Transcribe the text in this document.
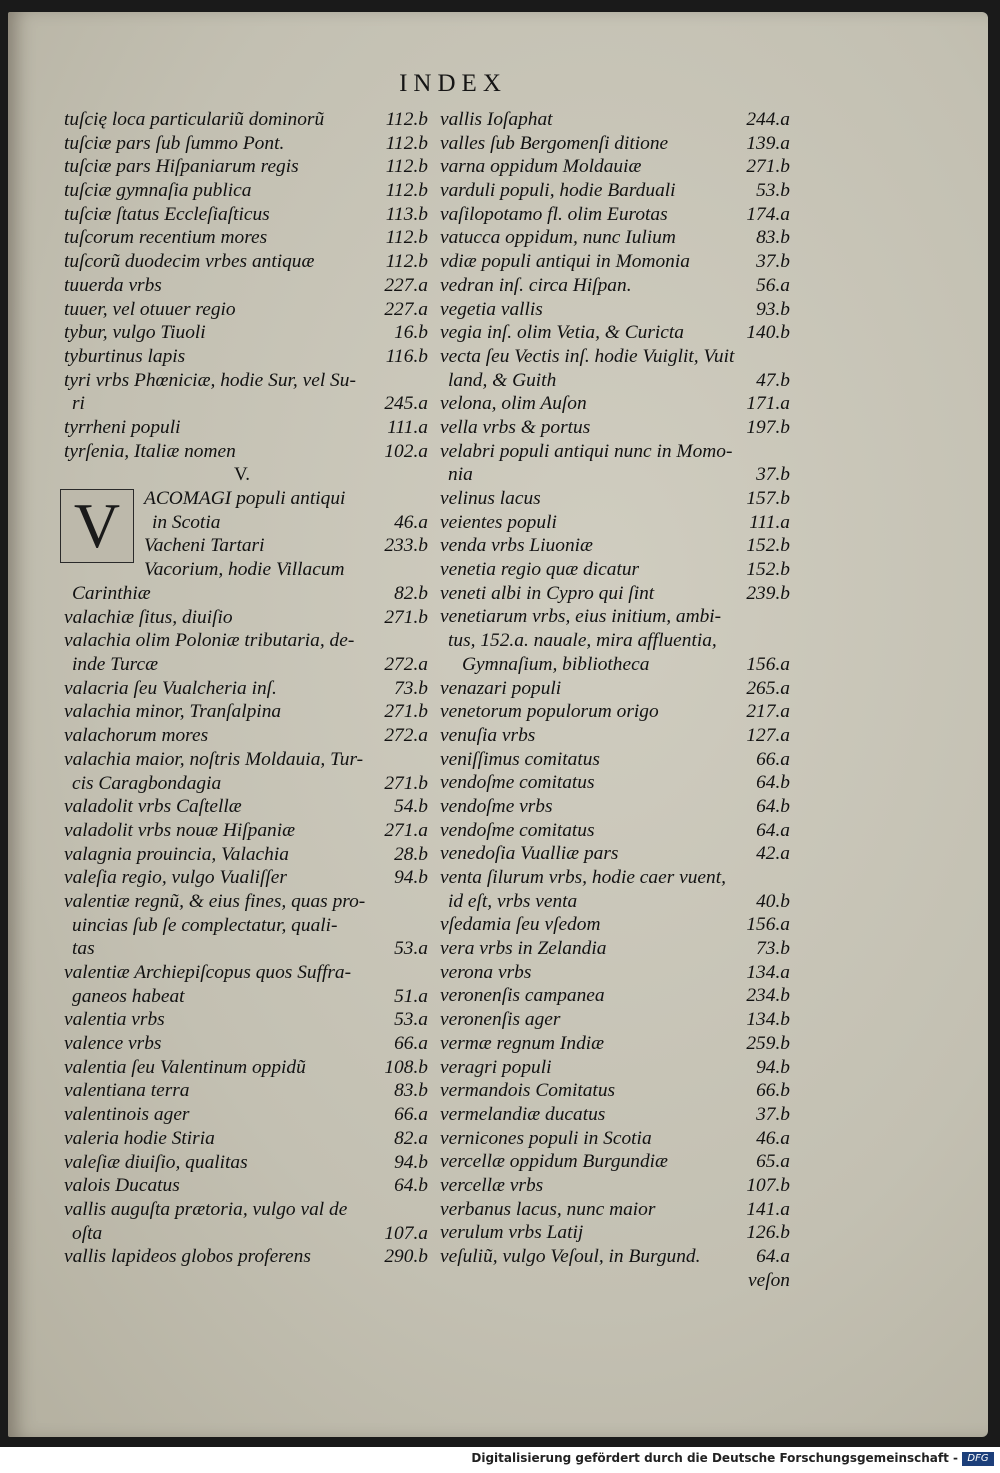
INDEX
tuſcię loca particulariũ dominorũ	112.b
tuſciæ pars ſub ſummo Pont.	112.b
tuſciæ pars Hiſpaniarum regis	112.b
tuſciæ gymnaſia publica	112.b
tuſciæ ſtatus Eccleſiaſticus	113.b
tuſcorum recentium mores	112.b
tuſcorũ duodecim vrbes antiquæ	112.b
tuuerda vrbs	227.a
tuuer, vel otuuer regio	227.a
tybur, vulgo Tiuoli	16.b
tyburtinus lapis	116.b
tyri vrbs Phœniciæ, hodie Sur, vel Su-
ri	245.a
tyrrheni populi	111.a
tyrſenia, Italiæ nomen	102.a
V.
V	ACOMAGI populi antiqui
in Scotia	46.a
Vacheni Tartari	233.b
Vacorium, hodie Villacum
Carinthiæ	82.b
valachiæ ſitus, diuiſio	271.b
valachia olim Poloniæ tributaria, de-
inde Turcæ	272.a
valacria ſeu Vualcheria inſ.	73.b
valachia minor, Tranſalpina	271.b
valachorum mores	272.a
valachia maior, noſtris Moldauia, Tur-
cis Caragbondagia	271.b
valadolit vrbs Caſtellæ	54.b
valadolit vrbs nouæ Hiſpaniæ	271.a
valagnia prouincia, Valachia	28.b
valeſia regio, vulgo Vualiſſer	94.b
valentiæ regnũ, & eius fines, quas pro-
uincias ſub ſe complectatur, quali-
tas	53.a
valentiæ Archiepiſcopus quos Suffra-
ganeos habeat	51.a
valentia vrbs	53.a
valence vrbs	66.a
valentia ſeu Valentinum oppidũ	108.b
valentiana terra	83.b
valentinois ager	66.a
valeria hodie Stiria	82.a
valeſiæ diuiſio, qualitas	94.b
valois Ducatus	64.b
vallis auguſta prætoria, vulgo val de
oſta	107.a
vallis lapideos globos proferens	290.b
vallis Ioſaphat	244.a
valles ſub Bergomenſi ditione	139.a
varna oppidum Moldauiæ	271.b
varduli populi, hodie Barduali	53.b
vaſilopotamo fl. olim Eurotas	174.a
vatucca oppidum, nunc Iulium	83.b
vdiæ populi antiqui in Momonia	37.b
vedran inſ. circa Hiſpan.	56.a
vegetia vallis	93.b
vegia inſ. olim Vetia, & Curicta	140.b
vecta ſeu Vectis inſ. hodie Vuiglit, Vuit
land, & Guith	47.b
velona, olim Auſon	171.a
vella vrbs & portus	197.b
velabri populi antiqui nunc in Momo-
nia	37.b
velinus lacus	157.b
veientes populi	111.a
venda vrbs Liuoniæ	152.b
venetia regio quæ dicatur	152.b
veneti albi in Cypro qui ſint	239.b
venetiarum vrbs, eius initium, ambi-
tus, 152.a. nauale, mira affluentia,
Gymnaſium, bibliotheca	156.a
venazari populi	265.a
venetorum populorum origo	217.a
venuſia vrbs	127.a
veniſſimus comitatus	66.a
vendoſme comitatus	64.b
vendoſme vrbs	64.b
vendoſme comitatus	64.a
venedoſia Vualliæ pars	42.a
venta ſilurum vrbs, hodie caer vuent,
id eſt, vrbs venta	40.b
vſedamia ſeu vſedom	156.a
vera vrbs in Zelandia	73.b
verona vrbs	134.a
veronenſis campanea	234.b
veronenſis ager	134.b
vermæ regnum Indiæ	259.b
veragri populi	94.b
vermandois Comitatus	66.b
vermelandiæ ducatus	37.b
vernicones populi in Scotia	46.a
vercellæ oppidum Burgundiæ	65.a
vercellæ vrbs	107.b
verbanus lacus, nunc maior	141.a
verulum vrbs Latij	126.b
veſuliũ, vulgo Veſoul, in Burgund.	64.a
veſon
Digitalisierung gefördert durch die Deutsche Forschungsgemeinschaft - DFG
